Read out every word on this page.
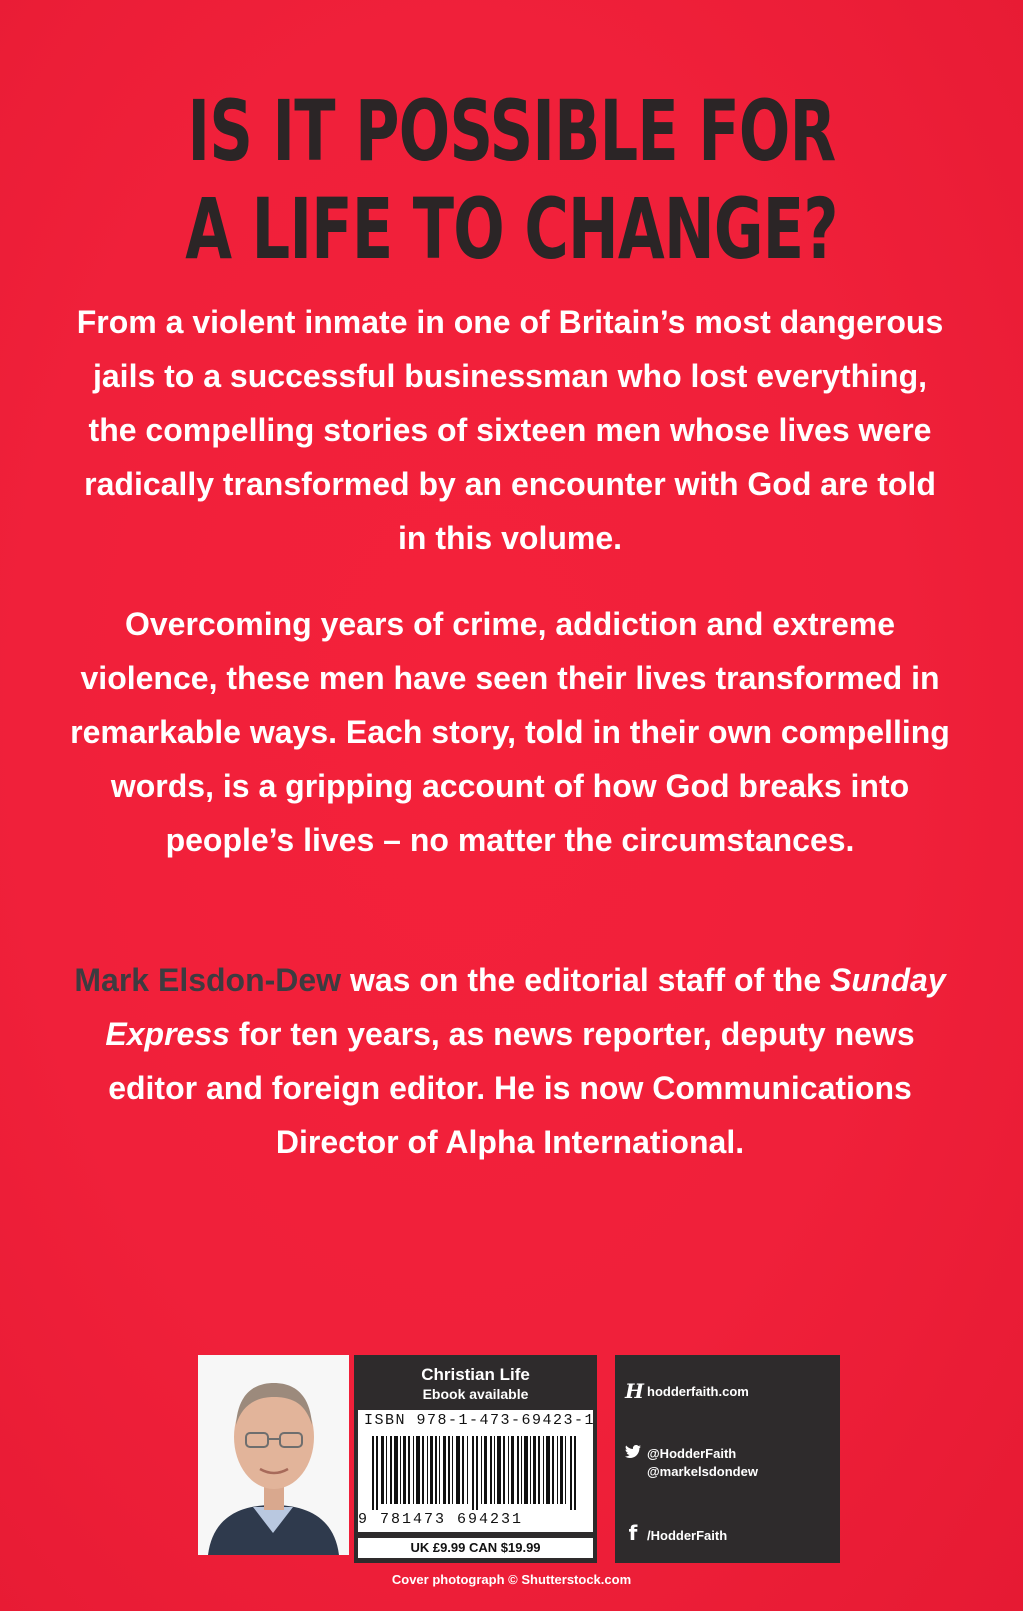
IS IT POSSIBLE FOR
A LIFE TO CHANGE?

From a violent inmate in one of Britain’s most dangerous jails to a successful businessman who lost everything, the compelling stories of sixteen men whose lives were radically transformed by an encounter with God are told in this volume.

Overcoming years of crime, addiction and extreme violence, these men have seen their lives transformed in remarkable ways. Each story, told in their own compelling words, is a gripping account of how God breaks into people’s lives – no matter the circumstances.

Mark Elsdon-Dew was on the editorial staff of the Sunday Express for ten years, as news reporter, deputy news editor and foreign editor. He is now Communications Director of Alpha International.

Christian Life
Ebook available
ISBN 978-1-473-69423-1
9 781473 694231
UK £9.99 CAN $19.99
Hhodderfaith.com
@HodderFaith
@markelsdondew
f /HodderFaith
Cover photograph © Shutterstock.com
